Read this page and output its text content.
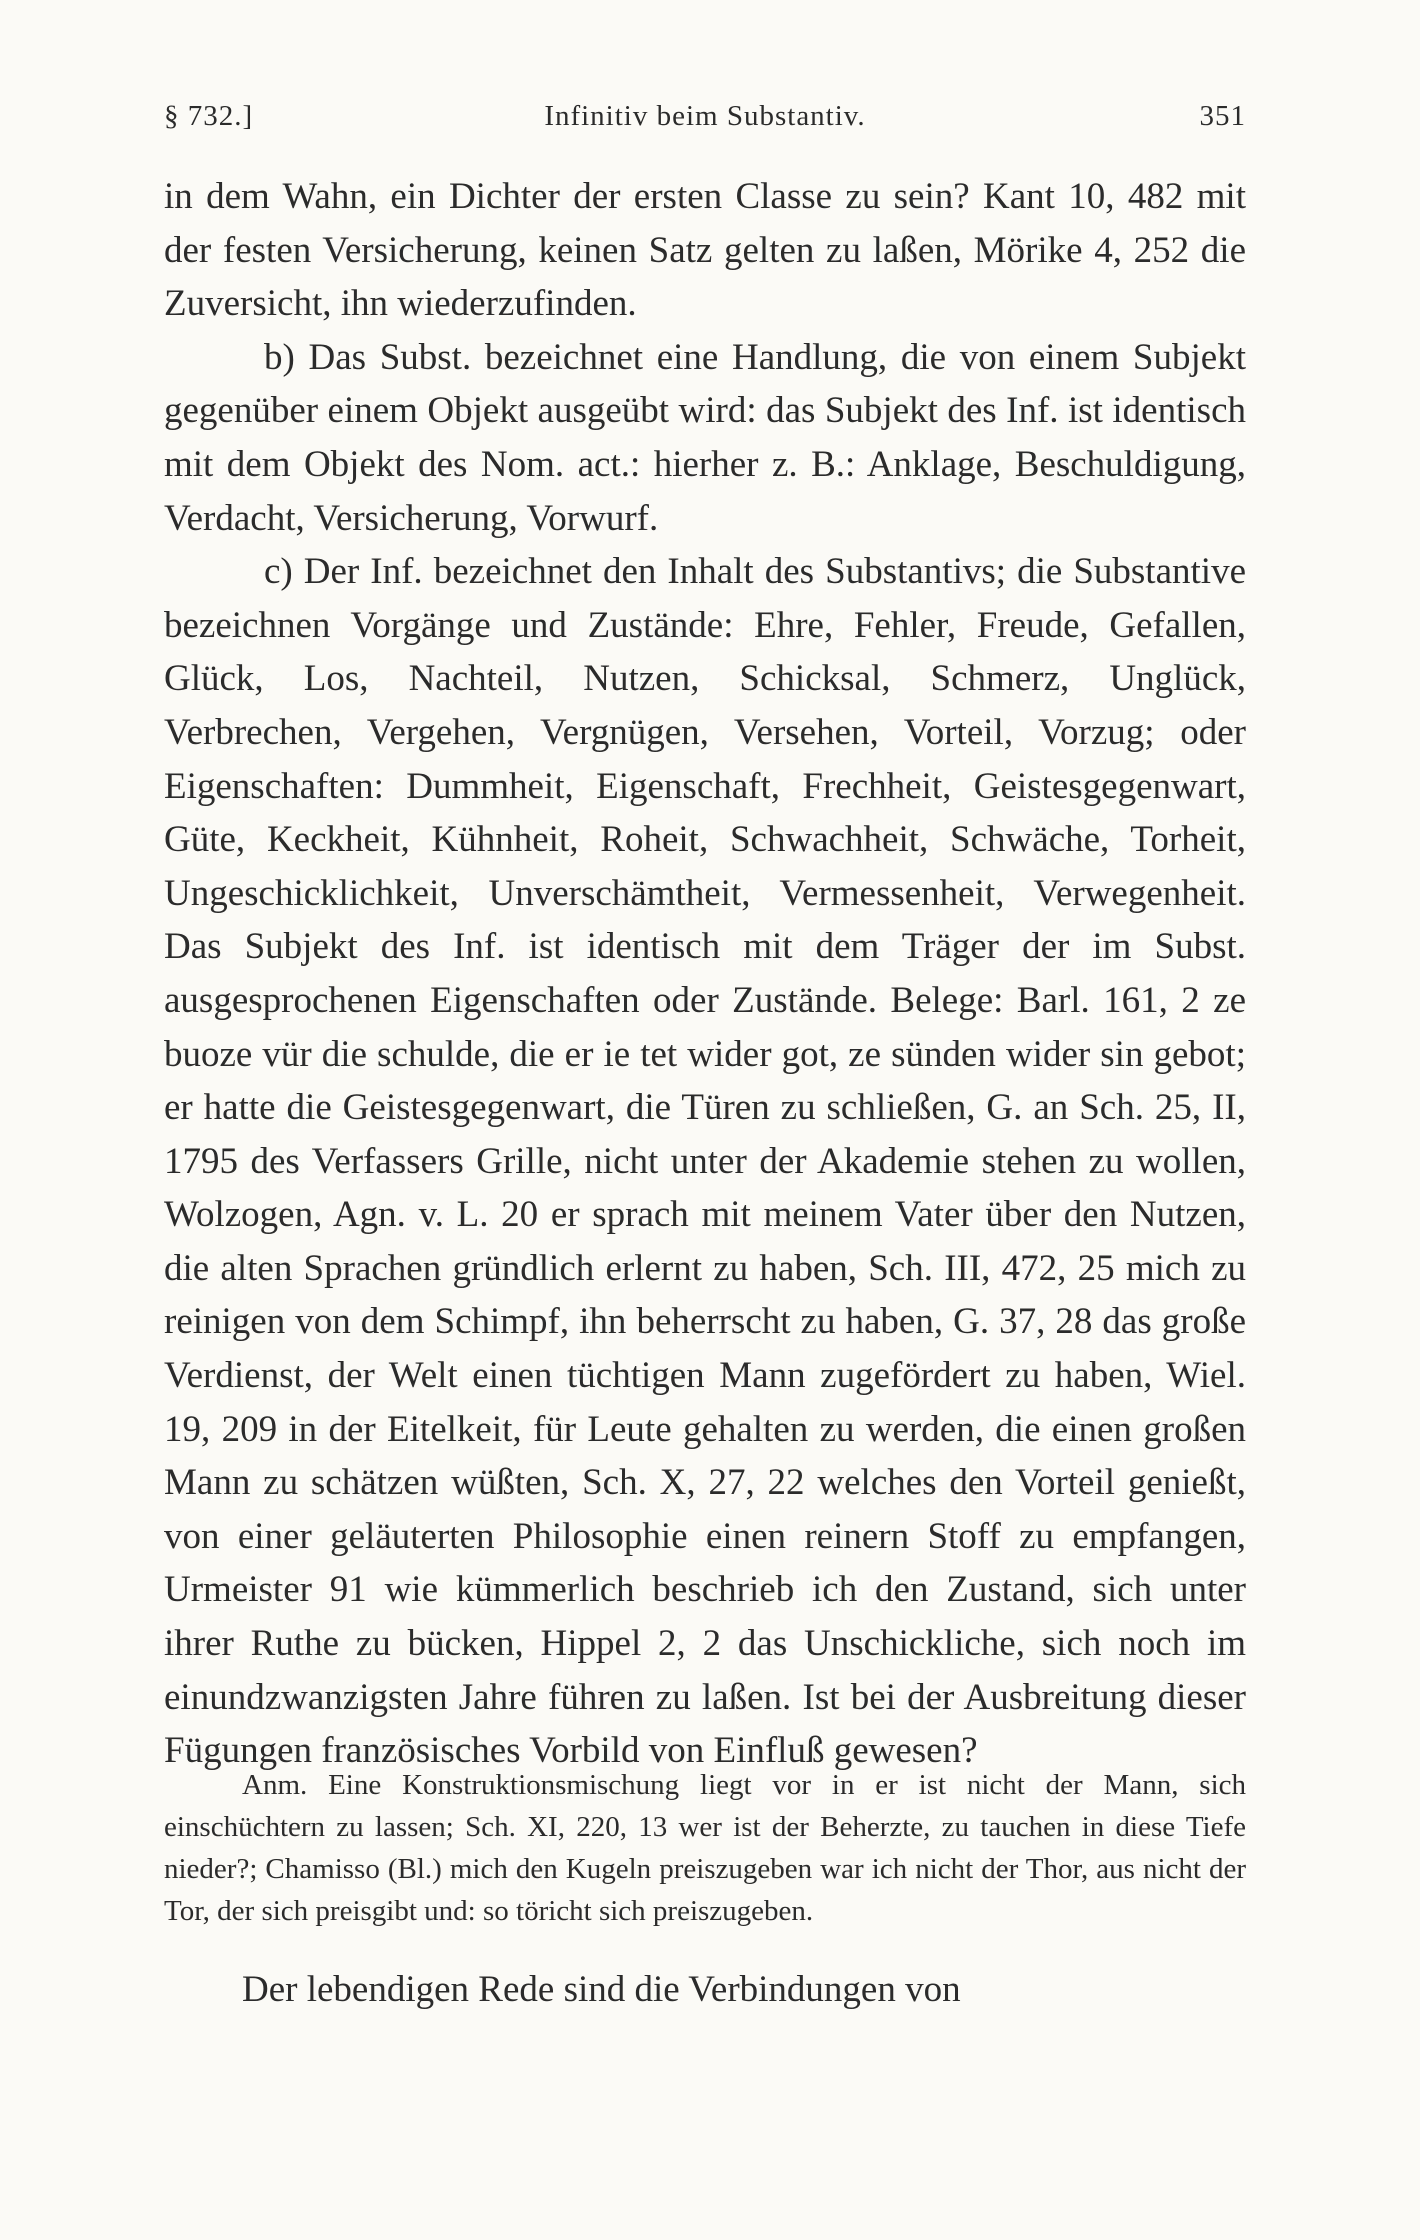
§ 732.]	Infinitiv beim Substantiv.	351

in dem Wahn, ein Dichter der ersten Classe zu sein? Kant 10, 482 mit der festen Versicherung, keinen Satz gelten zu laßen, Mörike 4, 252 die Zuversicht, ihn wiederzufinden.

b) Das Subst. bezeichnet eine Handlung, die von einem Subjekt gegenüber einem Objekt ausgeübt wird: das Subjekt des Inf. ist identisch mit dem Objekt des Nom. act.: hierher z. B.: Anklage, Beschuldigung, Verdacht, Versicherung, Vorwurf.

c) Der Inf. bezeichnet den Inhalt des Substantivs; die Substantive bezeichnen Vorgänge und Zustände: Ehre, Fehler, Freude, Gefallen, Glück, Los, Nachteil, Nutzen, Schicksal, Schmerz, Unglück, Verbrechen, Vergehen, Vergnügen, Versehen, Vorteil, Vorzug; oder Eigenschaften: Dummheit, Eigenschaft, Frechheit, Geistesgegenwart, Güte, Keckheit, Kühnheit, Roheit, Schwachheit, Schwäche, Torheit, Ungeschicklichkeit, Unverschämtheit, Vermessenheit, Verwegenheit. Das Subjekt des Inf. ist identisch mit dem Träger der im Subst. ausgesprochenen Eigenschaften oder Zustände. Belege: Barl. 161, 2 ze buoze vür die schulde, die er ie tet wider got, ze sünden wider sin gebot; er hatte die Geistesgegenwart, die Türen zu schließen, G. an Sch. 25, II, 1795 des Verfassers Grille, nicht unter der Akademie stehen zu wollen, Wolzogen, Agn. v. L. 20 er sprach mit meinem Vater über den Nutzen, die alten Sprachen gründlich erlernt zu haben, Sch. III, 472, 25 mich zu reinigen von dem Schimpf, ihn beherrscht zu haben, G. 37, 28 das große Verdienst, der Welt einen tüchtigen Mann zugefördert zu haben, Wiel. 19, 209 in der Eitelkeit, für Leute gehalten zu werden, die einen großen Mann zu schätzen wüßten, Sch. X, 27, 22 welches den Vorteil genießt, von einer geläuterten Philosophie einen reinern Stoff zu empfangen, Urmeister 91 wie kümmerlich beschrieb ich den Zustand, sich unter ihrer Ruthe zu bücken, Hippel 2, 2 das Unschickliche, sich noch im einundzwanzigsten Jahre führen zu laßen. Ist bei der Ausbreitung dieser Fügungen französisches Vorbild von Einfluß gewesen?

Anm. Eine Konstruktionsmischung liegt vor in er ist nicht der Mann, sich einschüchtern zu lassen; Sch. XI, 220, 13 wer ist der Beherzte, zu tauchen in diese Tiefe nieder?; Chamisso (Bl.) mich den Kugeln preiszugeben war ich nicht der Thor, aus nicht der Tor, der sich preisgibt und: so töricht sich preiszugeben.

Der lebendigen Rede sind die Verbindungen von
